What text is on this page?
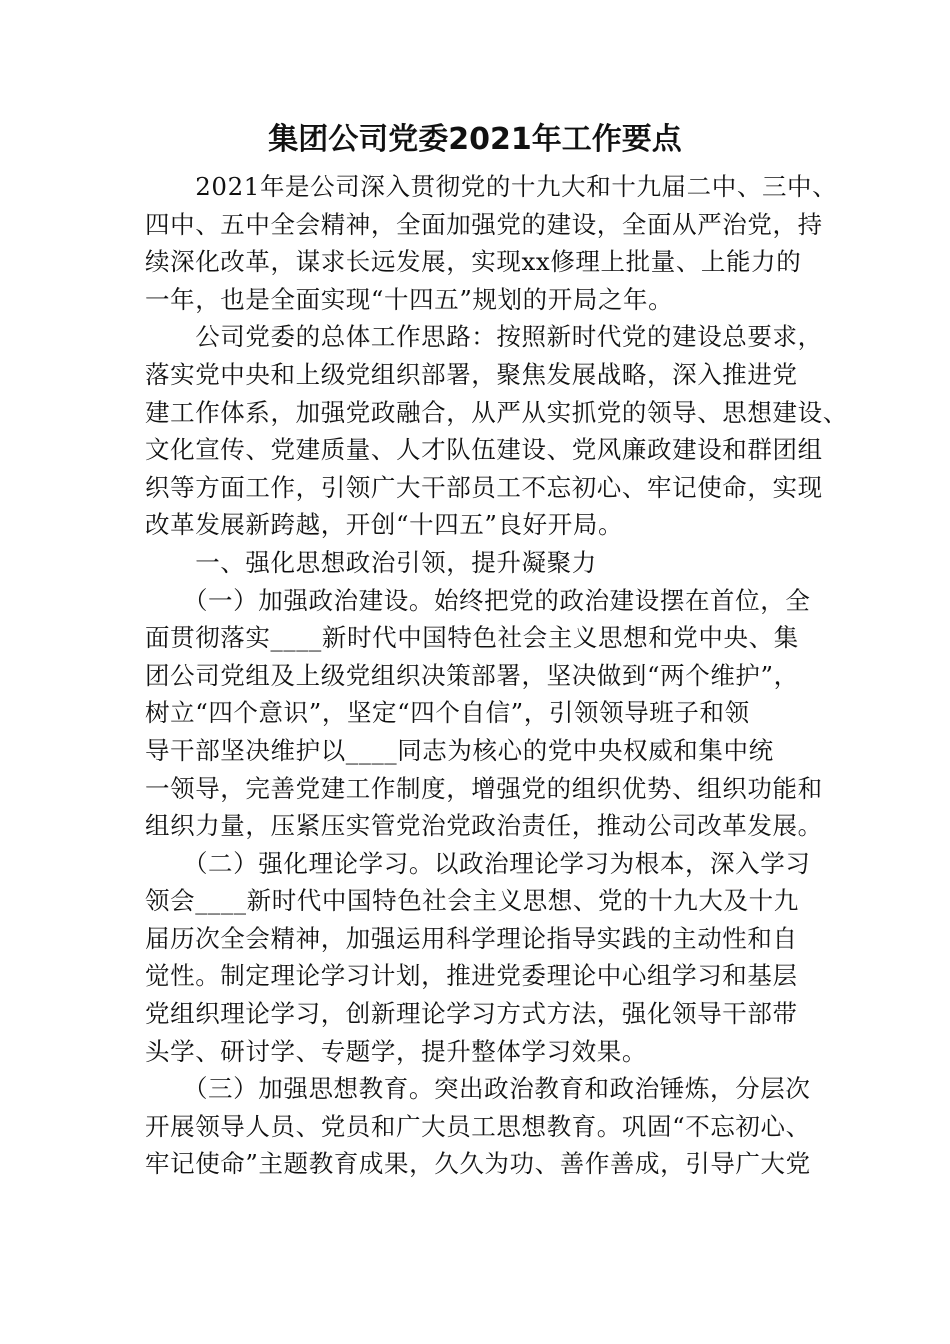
集团公司党委2021年工作要点
　　2021年是公司深入贯彻党的十九大和十九届二中、三中、
四中、五中全会精神，全面加强党的建设，全面从严治党，持
续深化改革，谋求长远发展，实现xx修理上批量、上能力的
一年，也是全面实现“十四五”规划的开局之年。
　　公司党委的总体工作思路：按照新时代党的建设总要求，
落实党中央和上级党组织部署，聚焦发展战略，深入推进党
建工作体系，加强党政融合，从严从实抓党的领导、思想建设、
文化宣传、党建质量、人才队伍建设、党风廉政建设和群团组
织等方面工作，引领广大干部员工不忘初心、牢记使命，实现
改革发展新跨越，开创“十四五”良好开局。
　　一、强化思想政治引领，提升凝聚力
　　（一）加强政治建设。始终把党的政治建设摆在首位，全
面贯彻落实____新时代中国特色社会主义思想和党中央、集
团公司党组及上级党组织决策部署，坚决做到“两个维护”，
树立“四个意识”，坚定“四个自信”，引领领导班子和领
导干部坚决维护以____同志为核心的党中央权威和集中统
一领导，完善党建工作制度，增强党的组织优势、组织功能和
组织力量，压紧压实管党治党政治责任，推动公司改革发展。
　　（二）强化理论学习。以政治理论学习为根本，深入学习
领会____新时代中国特色社会主义思想、党的十九大及十九
届历次全会精神，加强运用科学理论指导实践的主动性和自
觉性。制定理论学习计划，推进党委理论中心组学习和基层
党组织理论学习，创新理论学习方式方法，强化领导干部带
头学、研讨学、专题学，提升整体学习效果。
　　（三）加强思想教育。突出政治教育和政治锤炼，分层次
开展领导人员、党员和广大员工思想教育。巩固“不忘初心、
牢记使命”主题教育成果，久久为功、善作善成，引导广大党
